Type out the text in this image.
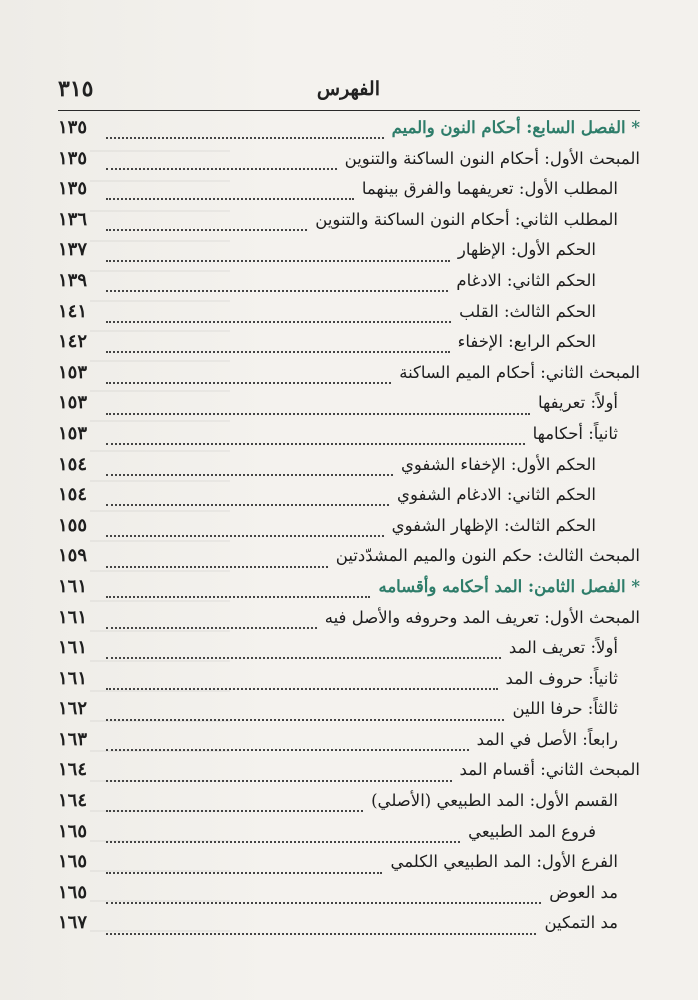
الفهرس
٣١٥
* الفصل السابع: أحكام النون والميم
١٣٥
المبحث الأول: أحكام النون الساكنة والتنوين
١٣٥
المطلب الأول: تعريفهما والفرق بينهما
١٣٥
المطلب الثاني: أحكام النون الساكنة والتنوين
١٣٦
الحكم الأول: الإظهار
١٣٧
الحكم الثاني: الادغام
١٣٩
الحكم الثالث: القلب
١٤١
الحكم الرابع: الإخفاء
١٤٢
المبحث الثاني: أحكام الميم الساكنة
١٥٣
أولاً: تعريفها
١٥٣
ثانياً: أحكامها
١٥٣
الحكم الأول: الإخفاء الشفوي
١٥٤
الحكم الثاني: الادغام الشفوي
١٥٤
الحكم الثالث: الإظهار الشفوي
١٥٥
المبحث الثالث: حكم النون والميم المشدّدتين
١٥٩
* الفصل الثامن: المد أحكامه وأقسامه
١٦١
المبحث الأول: تعريف المد وحروفه والأصل فيه
١٦١
أولاً: تعريف المد
١٦١
ثانياً: حروف المد
١٦١
ثالثاً: حرفا اللين
١٦٢
رابعاً: الأصل في المد
١٦٣
المبحث الثاني: أقسام المد
١٦٤
القسم الأول: المد الطبيعي (الأصلي)
١٦٤
فروع المد الطبيعي
١٦٥
الفرع الأول: المد الطبيعي الكلمي
١٦٥
مد العوض
١٦٥
مد التمكين
١٦٧
